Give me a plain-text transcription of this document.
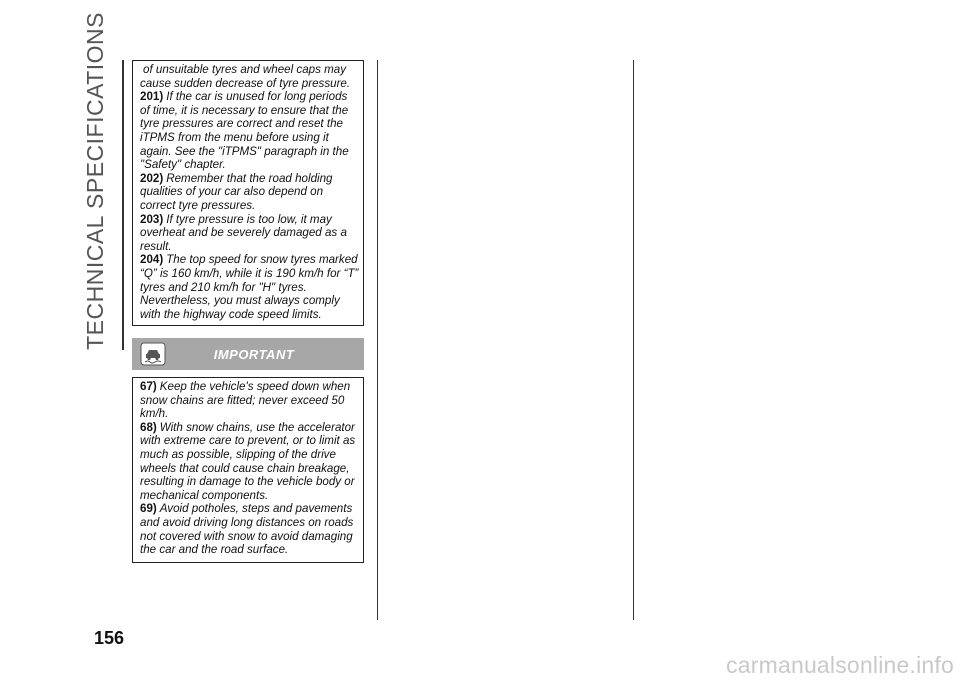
TECHNICAL SPECIFICATIONS	of unsuitable tyres and wheel caps may cause sudden decrease of tyre pressure.

201) If the car is unused for long periods of time, it is necessary to ensure that the tyre pressures are correct and reset the iTPMS from the menu before using it again. See the "iTPMS" paragraph in the "Safety" chapter.

202) Remember that the road holding qualities of your car also depend on correct tyre pressures.

203) If tyre pressure is too low, it may overheat and be severely damaged as a result.

204) The top speed for snow tyres marked “Q” is 160 km/h, while it is 190 km/h for “T” tyres and 210 km/h for "H" tyres. Nevertheless, you must always comply with the highway code speed limits.

IMPORTANT

67) Keep the vehicle's speed down when snow chains are fitted; never exceed 50 km/h.

68) With snow chains, use the accelerator with extreme care to prevent, or to limit as much as possible, slipping of the drive wheels that could cause chain breakage, resulting in damage to the vehicle body or mechanical components.

69) Avoid potholes, steps and pavements and avoid driving long distances on roads not covered with snow to avoid damaging the car and the road surface.

156
carmanualsonline.info
